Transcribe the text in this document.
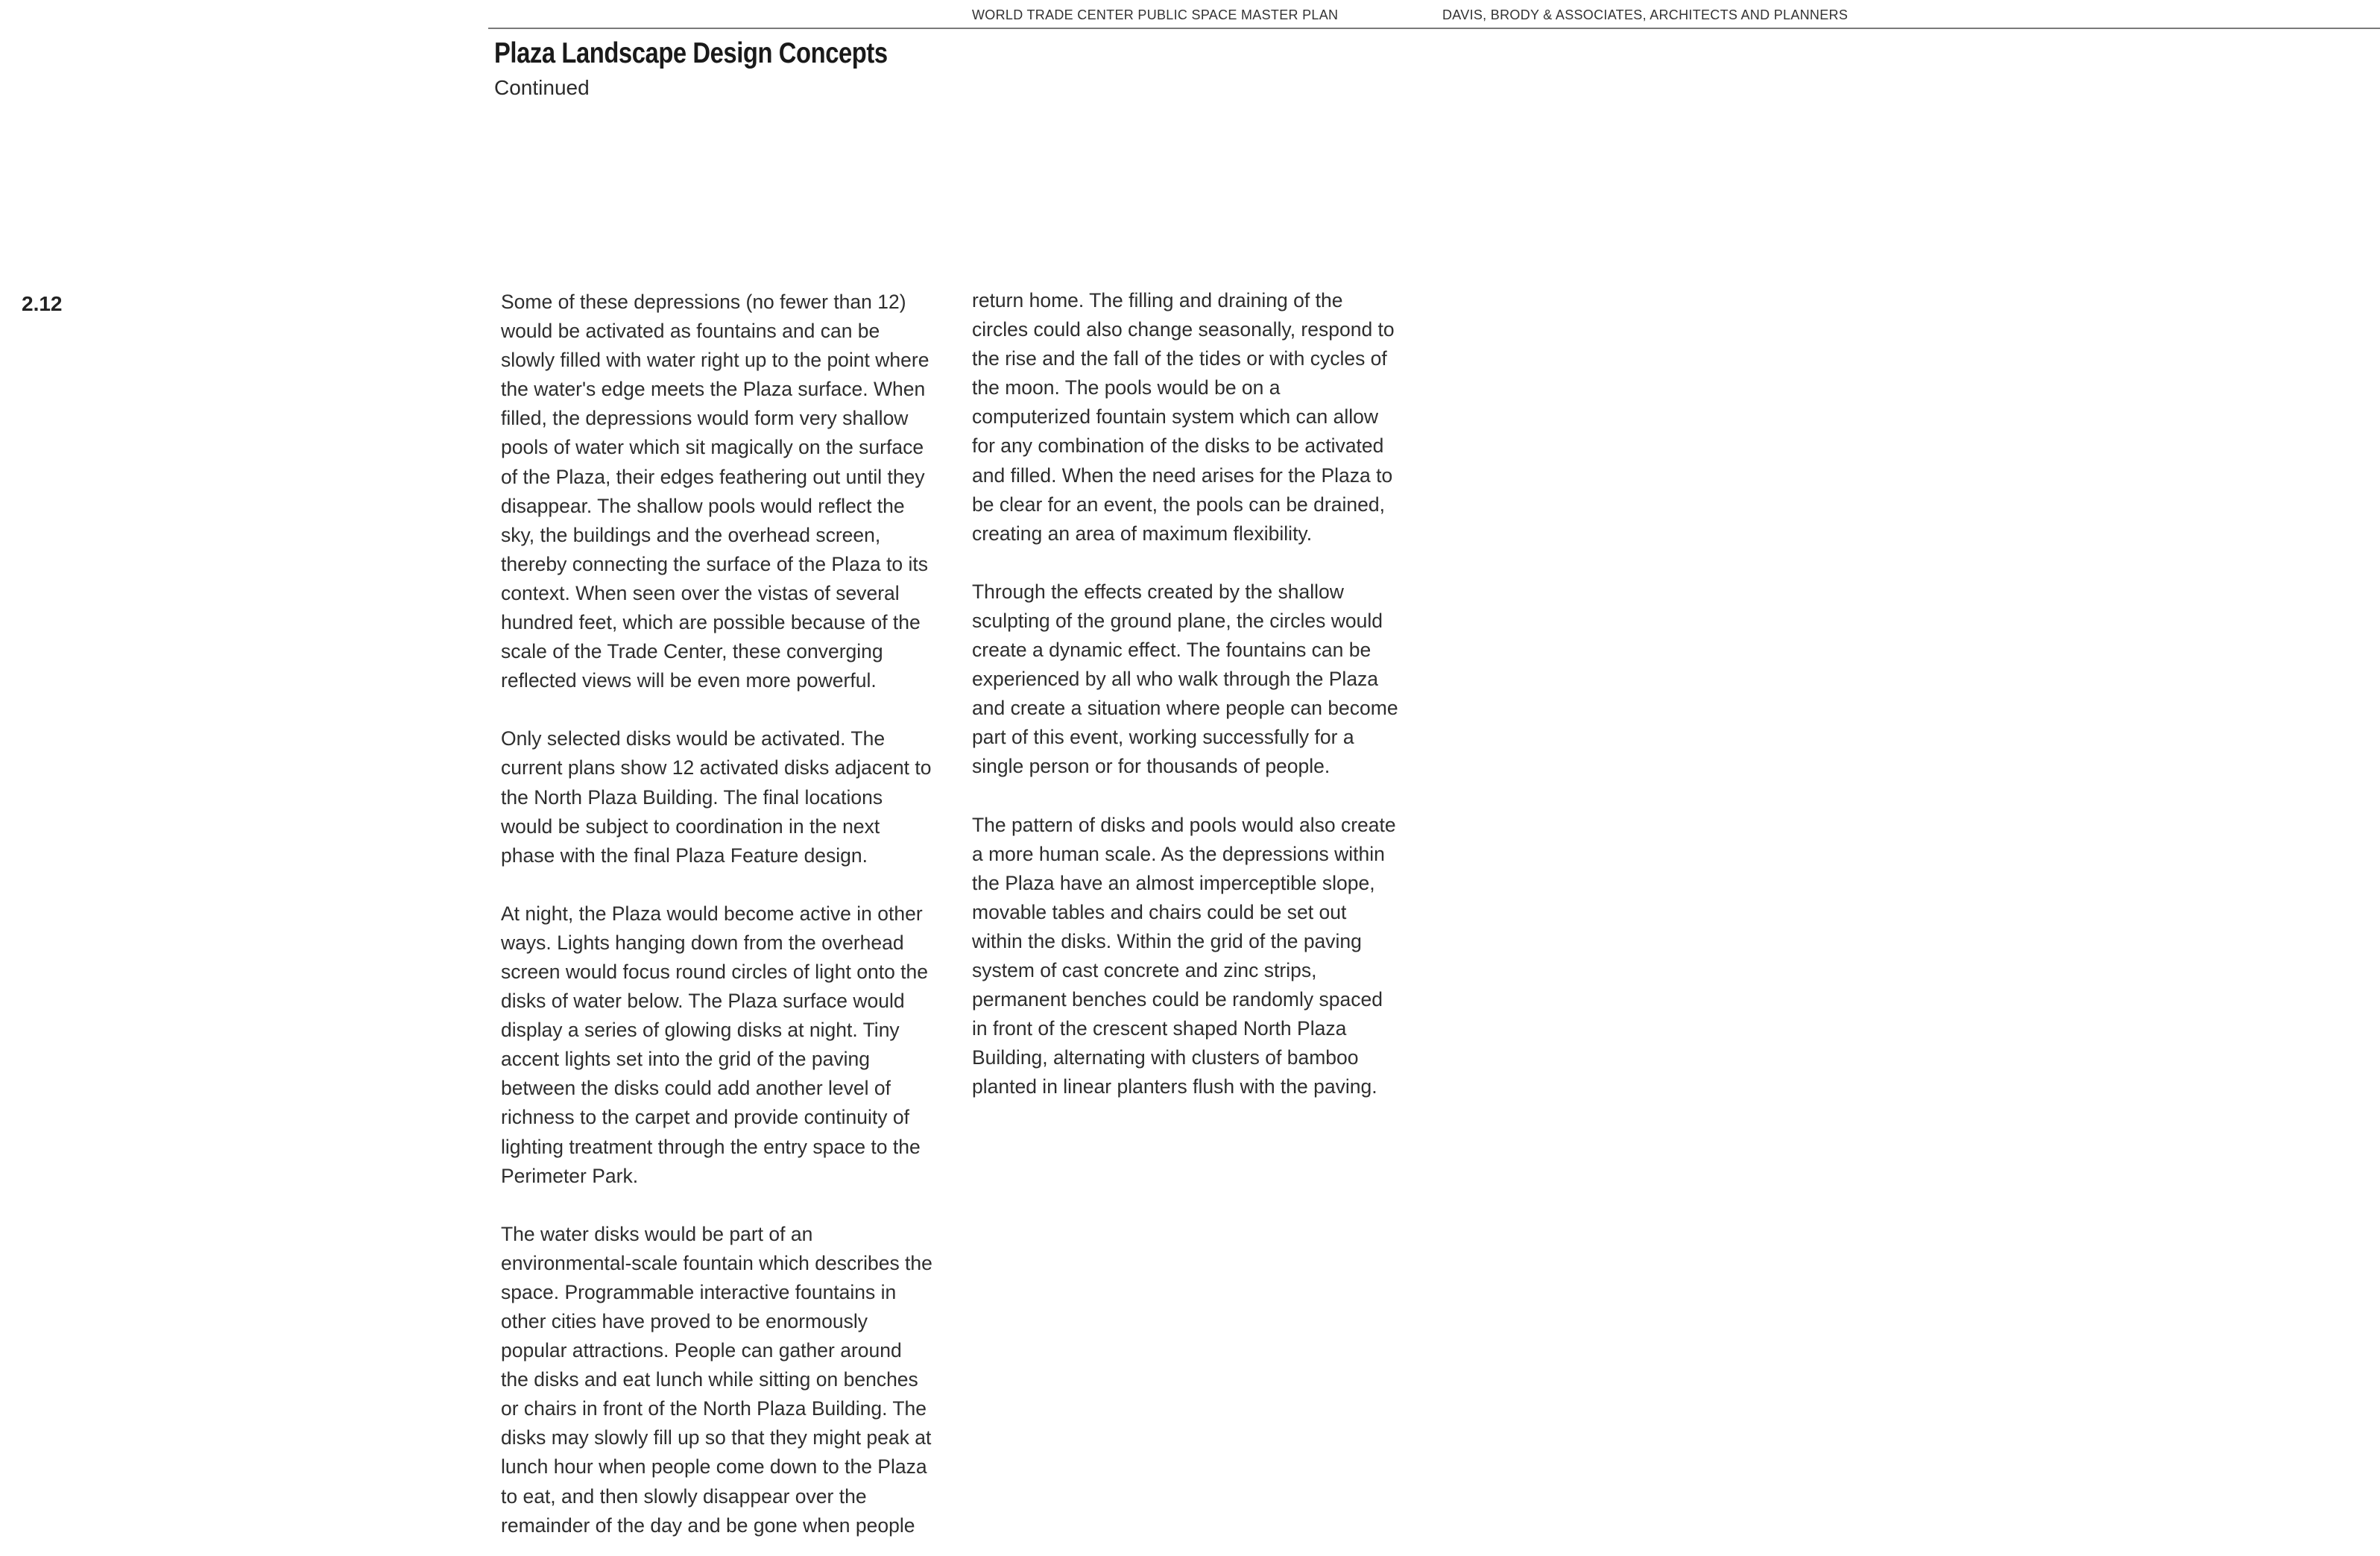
WORLD TRADE CENTER PUBLIC SPACE MASTER PLAN	DAVIS, BRODY & ASSOCIATES, ARCHITECTS AND PLANNERS
Plaza Landscape Design Concepts
Continued
2.12	Some of these depressions (no fewer than 12)
would be activated as fountains and can be
slowly filled with water right up to the point where
the water's edge meets the Plaza surface. When
filled, the depressions would form very shallow
pools of water which sit magically on the surface
of the Plaza, their edges feathering out until they
disappear. The shallow pools would reflect the
sky, the buildings and the overhead screen,
thereby connecting the surface of the Plaza to its
context. When seen over the vistas of several
hundred feet, which are possible because of the
scale of the Trade Center, these converging
reflected views will be even more powerful.

Only selected disks would be activated. The
current plans show 12 activated disks adjacent to
the North Plaza Building. The final locations
would be subject to coordination in the next
phase with the final Plaza Feature design.

At night, the Plaza would become active in other
ways. Lights hanging down from the overhead
screen would focus round circles of light onto the
disks of water below. The Plaza surface would
display a series of glowing disks at night. Tiny
accent lights set into the grid of the paving
between the disks could add another level of
richness to the carpet and provide continuity of
lighting treatment through the entry space to the
Perimeter Park.

The water disks would be part of an
environmental-scale fountain which describes the
space. Programmable interactive fountains in
other cities have proved to be enormously
popular attractions. People can gather around
the disks and eat lunch while sitting on benches
or chairs in front of the North Plaza Building. The
disks may slowly fill up so that they might peak at
lunch hour when people come down to the Plaza
to eat, and then slowly disappear over the
remainder of the day and be gone when people

return home. The filling and draining of the
circles could also change seasonally, respond to
the rise and the fall of the tides or with cycles of
the moon. The pools would be on a
computerized fountain system which can allow
for any combination of the disks to be activated
and filled. When the need arises for the Plaza to
be clear for an event, the pools can be drained,
creating an area of maximum flexibility.

Through the effects created by the shallow
sculpting of the ground plane, the circles would
create a dynamic effect. The fountains can be
experienced by all who walk through the Plaza
and create a situation where people can become
part of this event, working successfully for a
single person or for thousands of people.

The pattern of disks and pools would also create
a more human scale. As the depressions within
the Plaza have an almost imperceptible slope,
movable tables and chairs could be set out
within the disks. Within the grid of the paving
system of cast concrete and zinc strips,
permanent benches could be randomly spaced
in front of the crescent shaped North Plaza
Building, alternating with clusters of bamboo
planted in linear planters flush with the paving.
